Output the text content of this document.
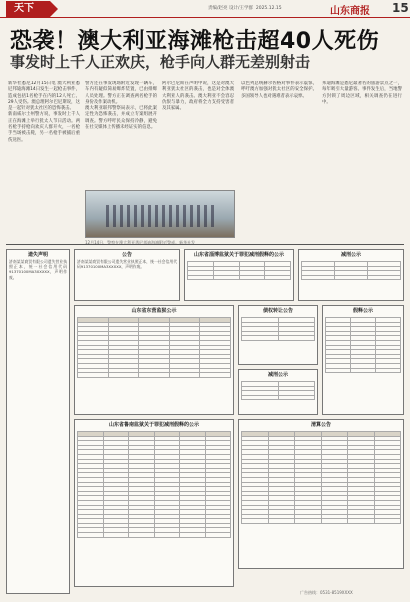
天下	责编/赵亮 设计/王学群 2025.12.15	山东商报 15
恐袭！澳大利亚海滩枪击超40人死伤
事发时上千人正欢庆，枪手向人群无差别射击

新华社悉尼12月15日电 澳大利亚悉尼邦迪海滩14日发生一起枪击事件，造成包括1名枪手在内的12人死亡、29人受伤。澳总理阿尔巴尼斯说，这是一起针对犹太社区的恐怖袭击。

新南威尔士州警方说，事发时上千人正在海滩上举行犹太人节日活动。两名枪手持枪向欢庆人群开火，一名枪手当场被击毙，另一名枪手被捕后重伤送医。

警方还在事发现场附近发现一辆车，车内有疑似简易爆炸装置，已由排爆人员处理。警方正在调查两名枪手的身份及作案动机。

澳大利亚联邦警察局表示，已将此案定性为恐怖袭击，并成立专案组展开调查。警方呼吁民众保持冷静，避免在社交媒体上传播未经证实的信息。

阿尔巴尼斯在声明中说，这是对澳大利亚犹太社区的袭击，也是对全体澳大利亚人的袭击。澳大利亚不会容忍仇恨与暴力，政府将全力支持受害者及其家属。

以色列总统赫尔佐格对事件表示震惊，呼吁澳方加强对犹太社区的安全保护。多国领导人也对遇难者表示哀悼。

邦迪海滩是悉尼最著名的旅游景点之一，每年吸引大量游客。事件发生后，当地警方封锁了周边区域，相关调查仍在进行中。

12月14日，警察在澳大利亚悉尼邦迪海滩附近警戒。新华社发
遗失声明
济南某某商贸有限公司遗失营业执照正本，统一社会信用代码91370100MA3XXXXX，声明作废。
公告
济南某某商贸有限公司遗失营业执照正本，统一社会信用代码91370100MA3XXXXX，声明作废。
山东省淄博监狱关于罪犯减刑假释的公示

				减刑公示

山东省东营监狱公示

					债权转让公告

		假释公示

减刑公示

山东省鲁南监狱关于罪犯减刑假释的公示

						清算公告

广告热线：0531-8519XXXX
